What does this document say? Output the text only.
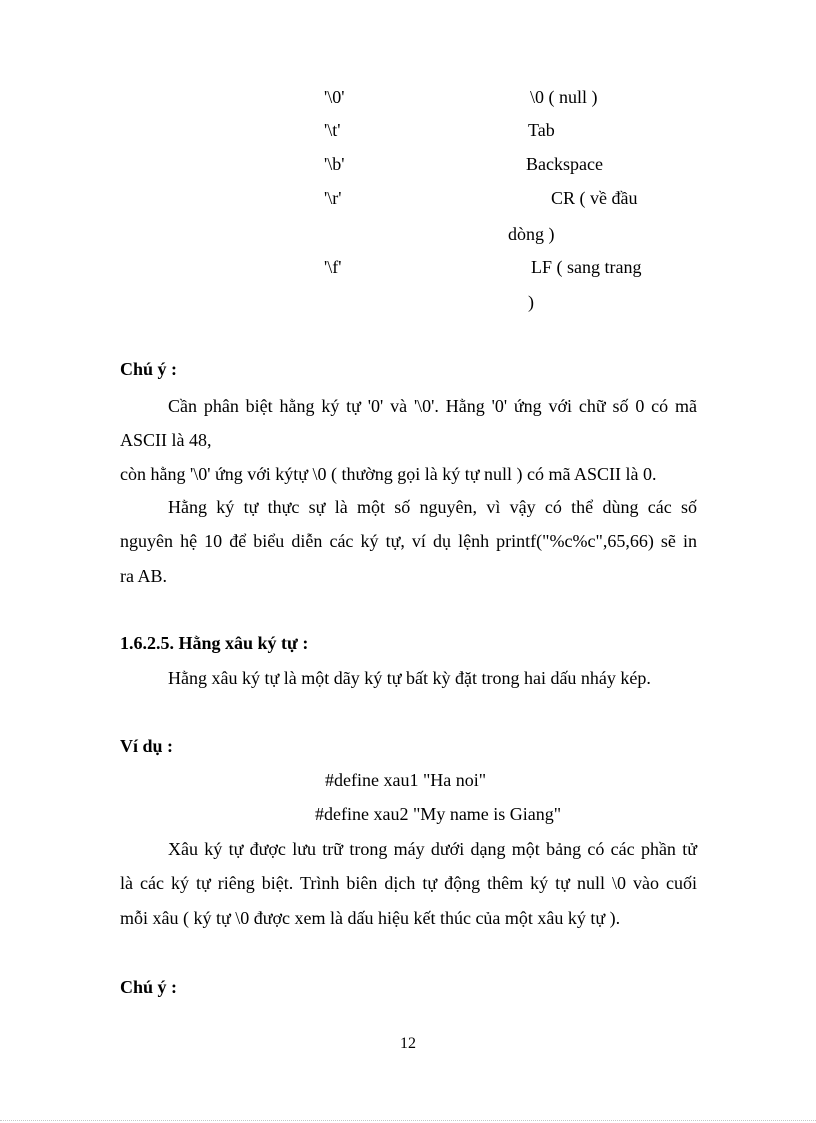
'\0'	\0 ( null )
'\t'	Tab
'\b'	Backspace
'\r'	CR ( về đầu
dòng )
'\f'	LF ( sang trang
)
Chú ý :
Cần phân biệt hằng ký tự '0' và '\0'. Hằng '0' ứng với chữ số 0 có mã
ASCII là 48,
còn hằng '\0' ứng với kýtự \0 ( thường gọi là ký tự null ) có mã ASCII là 0.
Hằng ký tự thực sự là một số nguyên, vì vậy có thể dùng các số
nguyên hệ 10 để biểu diễn các ký tự, ví dụ lệnh printf("%c%c",65,66) sẽ in
ra AB.
1.6.2.5. Hằng xâu ký tự :
Hằng xâu ký tự là một dãy ký tự bất kỳ đặt trong hai dấu nháy kép.
Ví dụ :
#define xau1 "Ha noi"
#define xau2 "My name is Giang"
Xâu ký tự được lưu trữ trong máy dưới dạng một bảng có các phần tử
là các ký tự riêng biệt. Trình biên dịch tự động thêm ký tự null \0 vào cuối
mỗi xâu ( ký tự \0 được xem là dấu hiệu kết thúc của một xâu ký tự ).
Chú ý :
12
